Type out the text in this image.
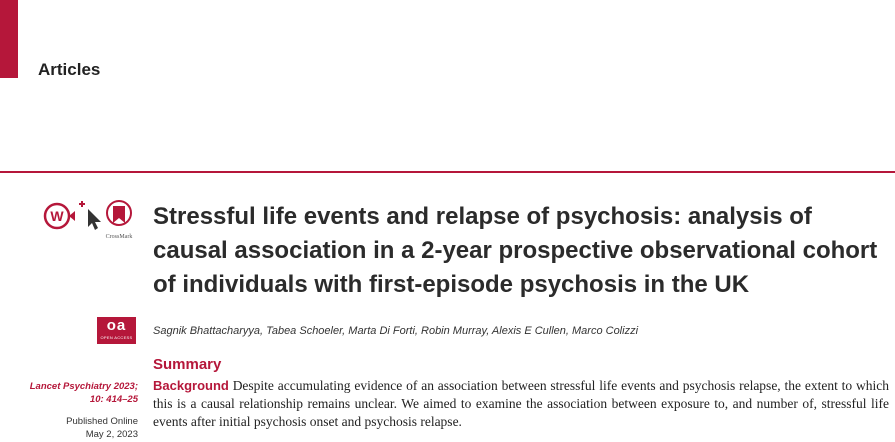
Articles
W
CrossMark
Stressful life events and relapse of psychosis: analysis of causal association in a 2-year prospective observational cohort of individuals with first-episode psychosis in the UK
oa
OPEN ACCESS
Sagnik Bhattacharyya, Tabea Schoeler, Marta Di Forti, Robin Murray, Alexis E Cullen, Marco Colizzi
Summary
Lancet Psychiatry 2023; 10: 414–25
Published Online
May 2, 2023
Background Despite accumulating evidence of an association between stressful life events and psychosis relapse, the extent to which this is a causal relationship remains unclear. We aimed to examine the association between exposure to, and number of, stressful life events after initial psychosis onset and psychosis relapse.
